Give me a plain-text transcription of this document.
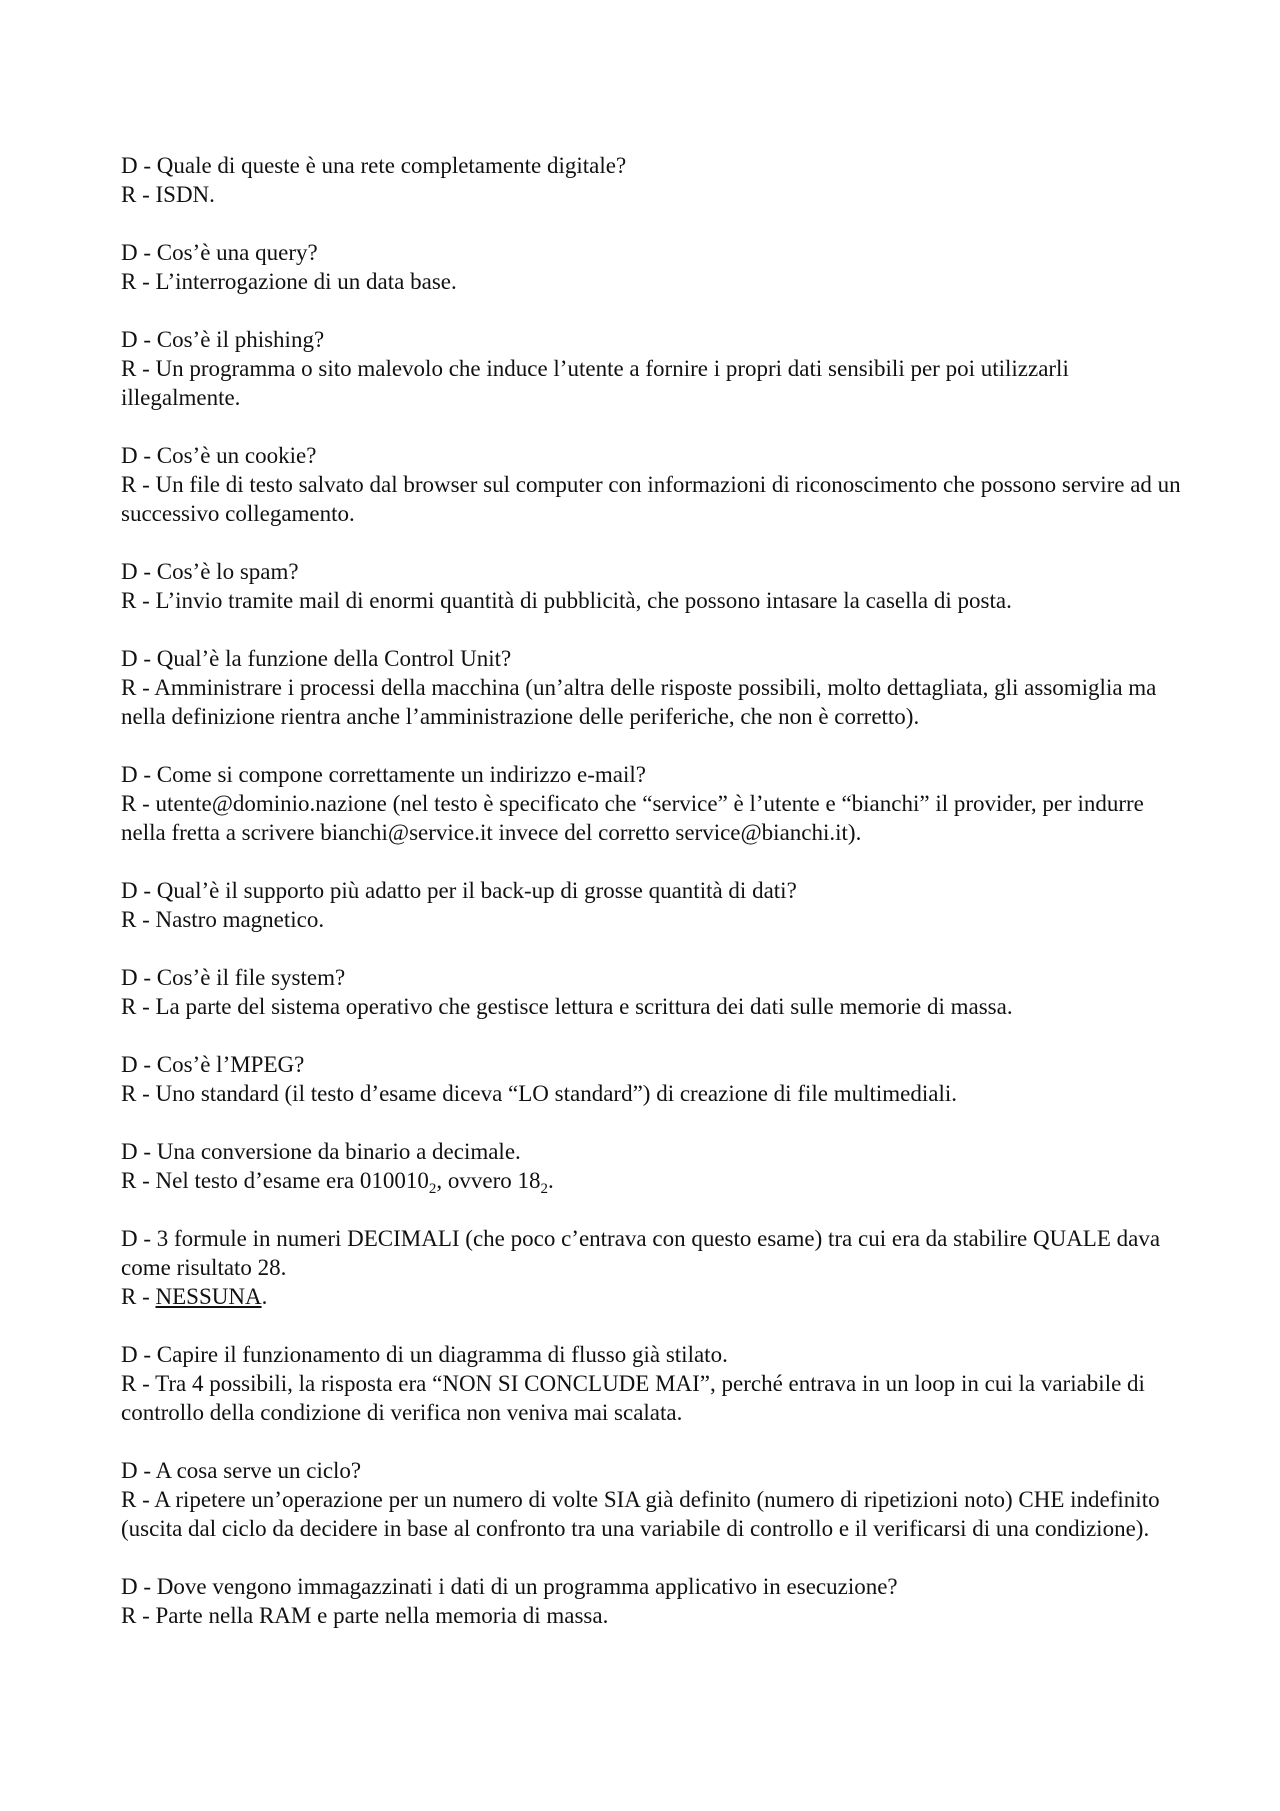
D - Quale di queste è una rete completamente digitale?
R - ISDN.
D - Cos’è una query?
R - L’interrogazione di un data base.
D - Cos’è il phishing?
R - Un programma o sito malevolo che induce l’utente a fornire i propri dati sensibili per poi utilizzarli illegalmente.
D - Cos’è un cookie?
R - Un file di testo salvato dal browser sul computer con informazioni di riconoscimento che possono servire ad un successivo collegamento.
D - Cos’è lo spam?
R - L’invio tramite mail di enormi quantità di pubblicità, che possono intasare la casella di posta.
D - Qual’è la funzione della Control Unit?
R - Amministrare i processi della macchina (un’altra delle risposte possibili, molto dettagliata, gli assomiglia ma nella definizione rientra anche l’amministrazione delle periferiche, che non è corretto).
D - Come si compone correttamente un indirizzo e-mail?
R - utente@dominio.nazione (nel testo è specificato che “service” è l’utente e “bianchi” il provider, per indurre nella fretta a scrivere bianchi@service.it invece del corretto service@bianchi.it).
D - Qual’è il supporto più adatto per il back-up di grosse quantità di dati?
R - Nastro magnetico.
D - Cos’è il file system?
R - La parte del sistema operativo che gestisce lettura e scrittura dei dati sulle memorie di massa.
D - Cos’è l’MPEG?
R - Uno standard (il testo d’esame diceva “LO standard”) di creazione di file multimediali.
D - Una conversione da binario a decimale.
R - Nel testo d’esame era $010010_2$, ovvero $18_2$.
D - 3 formule in numeri DECIMALI (che poco c’entrava con questo esame) tra cui era da stabilire QUALE dava come risultato 28.
R - NESSUNA.
D - Capire il funzionamento di un diagramma di flusso già stilato.
R - Tra 4 possibili, la risposta era “NON SI CONCLUDE MAI”, perché entrava in un loop in cui la variabile di controllo della condizione di verifica non veniva mai scalata.
D - A cosa serve un ciclo?
R - A ripetere un’operazione per un numero di volte SIA già definito (numero di ripetizioni noto) CHE indefinito (uscita dal ciclo da decidere in base al confronto tra una variabile di controllo e il verificarsi di una condizione).
D - Dove vengono immagazzinati i dati di un programma applicativo in esecuzione?
R - Parte nella RAM e parte nella memoria di massa.
